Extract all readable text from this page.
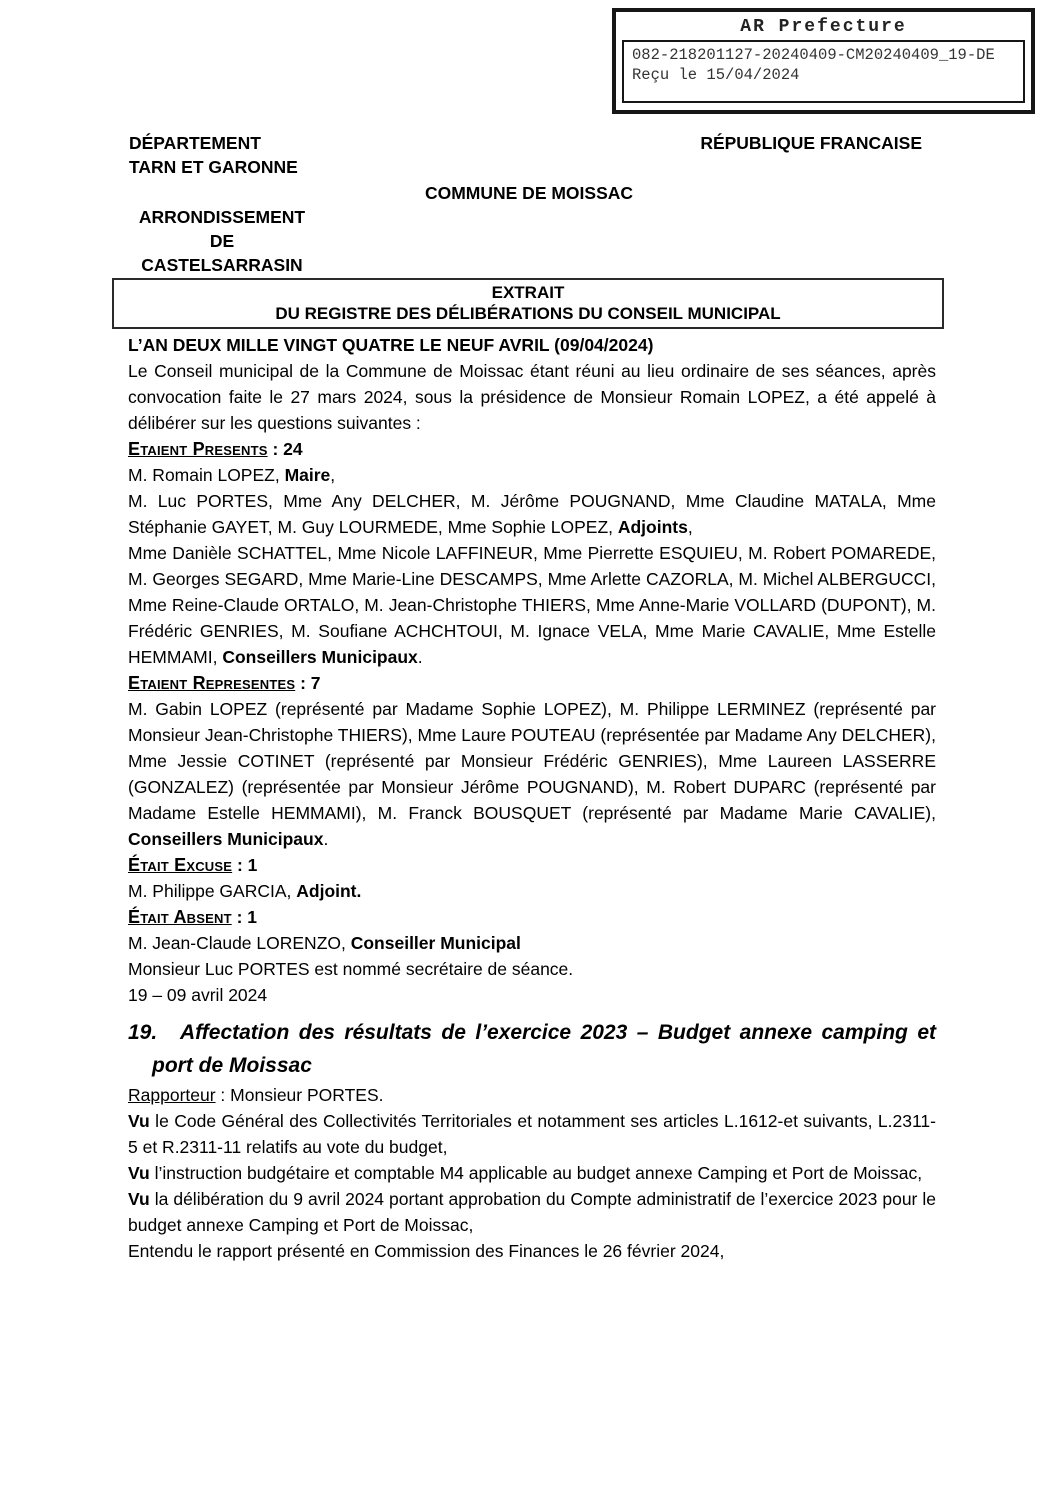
AR Prefecture
082-218201127-20240409-CM20240409_19-DE
Reçu le 15/04/2024
DÉPARTEMENT
TARN ET GARONNE
RÉPUBLIQUE FRANCAISE
COMMUNE DE MOISSAC
ARRONDISSEMENT
DE
CASTELSARRASIN
EXTRAIT
DU REGISTRE DES DÉLIBÉRATIONS DU CONSEIL MUNICIPAL

L’AN DEUX MILLE VINGT QUATRE LE NEUF AVRIL (09/04/2024)

Le Conseil municipal de la Commune de Moissac étant réuni au lieu ordinaire de ses séances, après convocation faite le 27 mars 2024, sous la présidence de Monsieur Romain LOPEZ, a été appelé à délibérer sur les questions suivantes :

Etaient Presents : 24

M. Romain LOPEZ, Maire,

M. Luc PORTES, Mme Any DELCHER, M. Jérôme POUGNAND, Mme Claudine MATALA, Mme Stéphanie GAYET, M. Guy LOURMEDE, Mme Sophie LOPEZ, Adjoints,

Mme Danièle SCHATTEL, Mme Nicole LAFFINEUR, Mme Pierrette ESQUIEU, M. Robert POMAREDE, M. Georges SEGARD, Mme Marie-Line DESCAMPS, Mme Arlette CAZORLA, M. Michel ALBERGUCCI, Mme Reine-Claude ORTALO, M. Jean-Christophe THIERS, Mme Anne-Marie VOLLARD (DUPONT), M. Frédéric GENRIES, M. Soufiane ACHCHTOUI, M. Ignace VELA, Mme Marie CAVALIE, Mme Estelle HEMMAMI, Conseillers Municipaux.

Etaient Representes : 7

M. Gabin LOPEZ (représenté par Madame Sophie LOPEZ), M. Philippe LERMINEZ (représenté par Monsieur Jean-Christophe THIERS), Mme Laure POUTEAU (représentée par Madame Any DELCHER), Mme Jessie COTINET (représenté par Monsieur Frédéric GENRIES), Mme Laureen LASSERRE (GONZALEZ) (représentée par Monsieur Jérôme POUGNAND), M. Robert DUPARC (représenté par Madame Estelle HEMMAMI), M. Franck BOUSQUET (représenté par Madame Marie CAVALIE), Conseillers Municipaux.

Était Excuse : 1

M. Philippe GARCIA, Adjoint.

Était Absent : 1

M. Jean-Claude LORENZO, Conseiller Municipal

Monsieur Luc PORTES est nommé secrétaire de séance.

19 – 09 avril 2024

19. Affectation des résultats de l’exercice 2023 – Budget annexe camping et port de Moissac

Rapporteur : Monsieur PORTES.

Vu le Code Général des Collectivités Territoriales et notamment ses articles L.1612-et suivants, L.2311-5 et R.2311-11 relatifs au vote du budget,

Vu l’instruction budgétaire et comptable M4 applicable au budget annexe Camping et Port de Moissac,

Vu la délibération du 9 avril 2024 portant approbation du Compte administratif de l’exercice 2023 pour le budget annexe Camping et Port de Moissac,

Entendu le rapport présenté en Commission des Finances le 26 février 2024,
